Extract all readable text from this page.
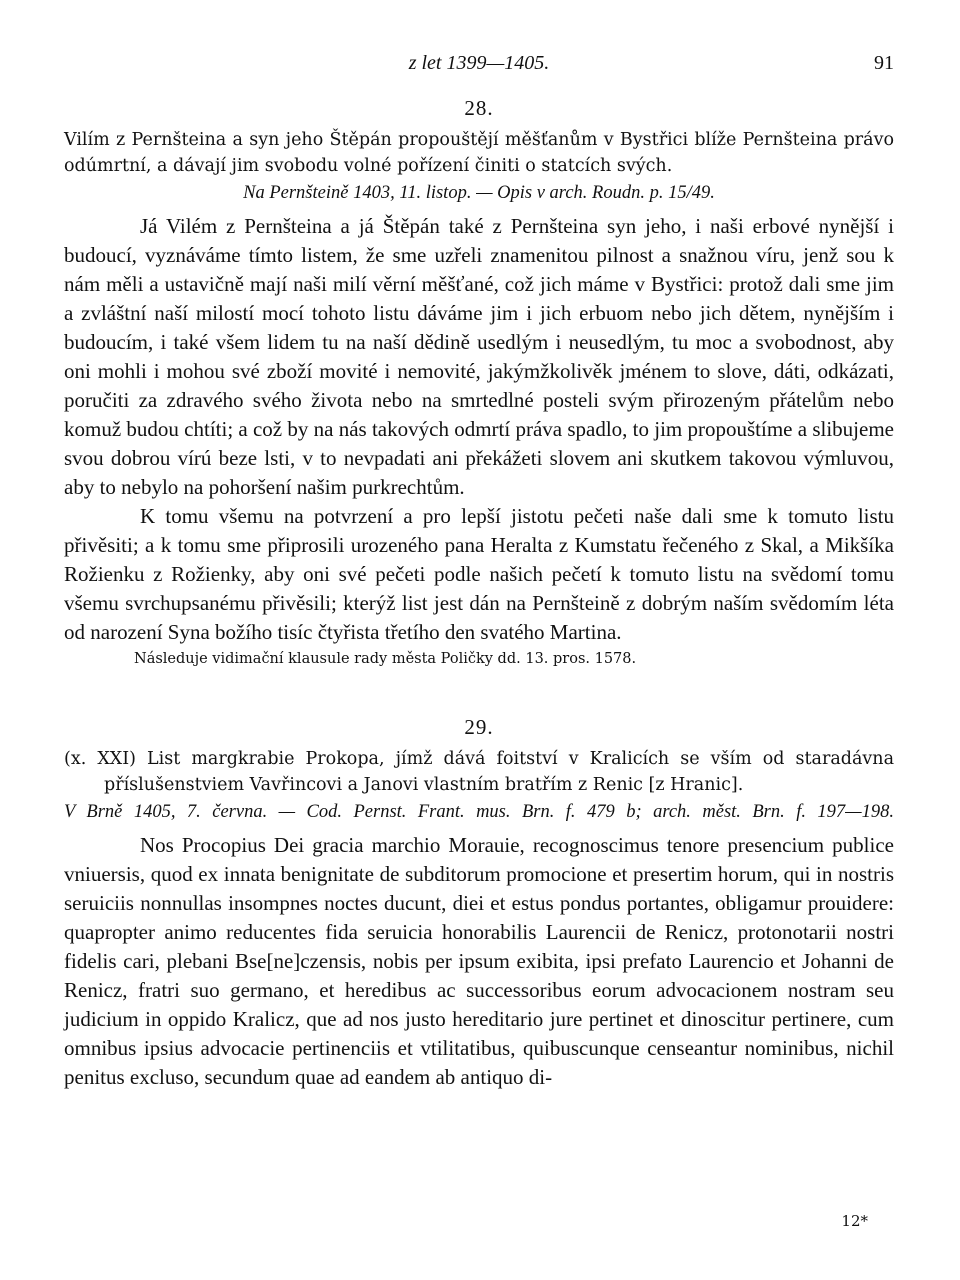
z let 1399—1405.	91
28.

Vilím z Pernšteina a syn jeho Štěpán propouštějí měšťanům v Bystřici blíže Pernšteina právo odúmrtní, a dávají jim svobodu volné pořízení činiti o statcích svých.

Na Pernšteině 1403, 11. listop. — Opis v arch. Roudn. p. 15/49.

Já Vilém z Pernšteina a já Štěpán také z Pernšteina syn jeho, i naši erbové nynější i budoucí, vyznáváme tímto listem, že sme uzřeli znamenitou pilnost a snažnou víru, jenž sou k nám měli a ustavičně mají naši milí věrní měšťané, což jich máme v Bystřici: protož dali sme jim a zvláštní naší milostí mocí tohoto listu dáváme jim i jich erbuom nebo jich dětem, nynějším i budoucím, i také všem lidem tu na naší dědině usedlým i neusedlým, tu moc a svobodnost, aby oni mohli i mohou své zboží movité i nemovité, jakýmžkolivěk jménem to slove, dáti, odkázati, poručiti za zdravého svého života nebo na smrtedlné posteli svým přirozeným přátelům nebo komuž budou chtíti; a což by na nás takových odmrtí práva spadlo, to jim propouštíme a slibujeme svou dobrou vírú beze lsti, v to nevpadati ani překážeti slovem ani skutkem takovou výmluvou, aby to nebylo na pohoršení našim purkrechtům.

K tomu všemu na potvrzení a pro lepší jistotu pečeti naše dali sme k tomuto listu přivěsiti; a k tomu sme připrosili urozeného pana Heralta z Kumstatu řečeného z Skal, a Mikšíka Rožienku z Rožienky, aby oni své pečeti podle našich pečetí k tomuto listu na svědomí tomu všemu svrchupsanému přivěsili; kterýž list jest dán na Pernšteině z dobrým naším svědomím léta od narození Syna božího tisíc čtyřista třetího den svatého Martina.

Následuje vidimační klausule rady města Poličky dd. 13. pros. 1578.
29.

(x. XXI) List margkrabie Prokopa, jímž dává foitství v Kralicích se vším od staradávna příslušenstviem Vavřincovi a Janovi vlastním bratřím z Renic [z Hranic].

V Brně 1405, 7. června. — Cod. Pernst. Frant. mus. Brn. f. 479 b; arch. měst. Brn. f. 197—198.

Nos Procopius Dei gracia marchio Morauie, recognoscimus tenore presencium publice vniuersis, quod ex innata benignitate de subditorum promocione et presertim horum, qui in nostris seruiciis nonnullas insompnes noctes ducunt, diei et estus pondus portantes, obligamur prouidere: quapropter animo reducentes fida seruicia honorabilis Laurencii de Renicz, protonotarii nostri fidelis cari, plebani Bse[ne]czensis, nobis per ipsum exibita, ipsi prefato Laurencio et Johanni de Renicz, fratri suo germano, et heredibus ac successoribus eorum advocacionem nostram seu judicium in oppido Kralicz, que ad nos justo hereditario jure pertinet et dinoscitur pertinere, cum omnibus ipsius advocacie pertinenciis et vtilitatibus, quibuscunque censeantur nominibus, nichil penitus excluso, secundum quae ad eandem ab antiquo di-

12*
